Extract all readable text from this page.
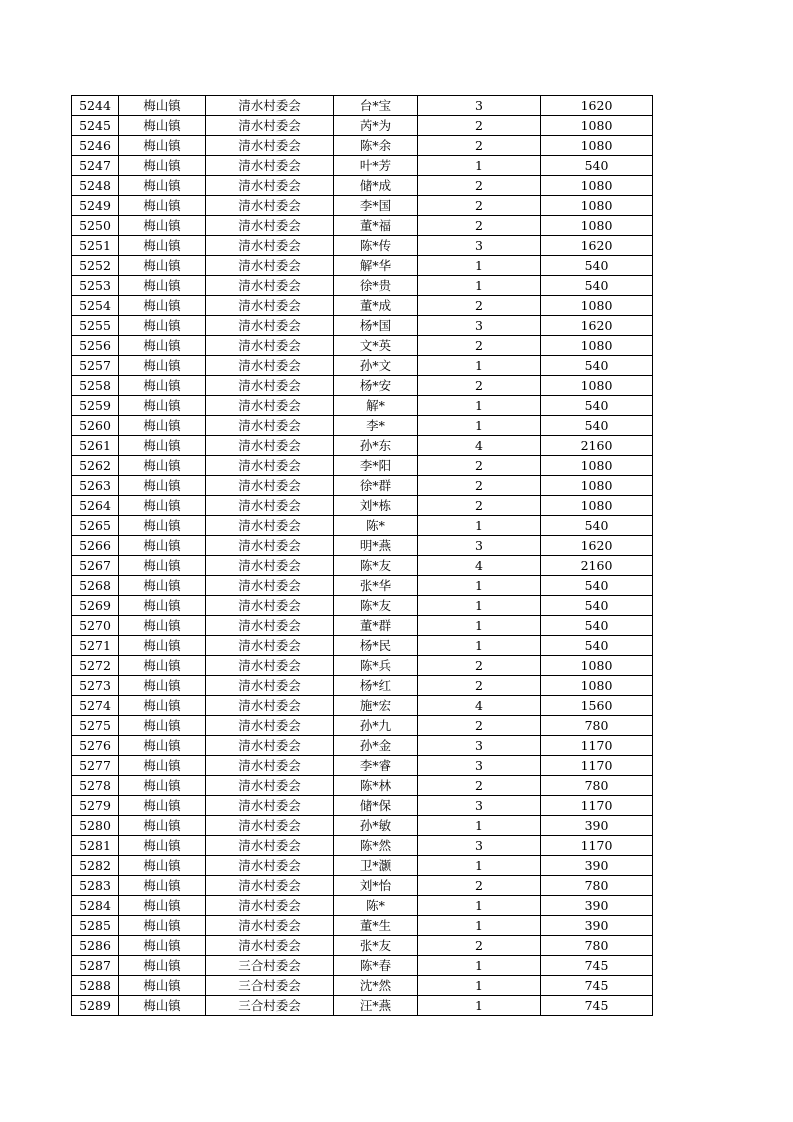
5244	梅山镇	清水村委会	台*宝	3	1620
5245	梅山镇	清水村委会	芮*为	2	1080
5246	梅山镇	清水村委会	陈*余	2	1080
5247	梅山镇	清水村委会	叶*芳	1	540
5248	梅山镇	清水村委会	储*成	2	1080
5249	梅山镇	清水村委会	李*国	2	1080
5250	梅山镇	清水村委会	董*福	2	1080
5251	梅山镇	清水村委会	陈*传	3	1620
5252	梅山镇	清水村委会	解*华	1	540
5253	梅山镇	清水村委会	徐*贵	1	540
5254	梅山镇	清水村委会	董*成	2	1080
5255	梅山镇	清水村委会	杨*国	3	1620
5256	梅山镇	清水村委会	文*英	2	1080
5257	梅山镇	清水村委会	孙*文	1	540
5258	梅山镇	清水村委会	杨*安	2	1080
5259	梅山镇	清水村委会	解*	1	540
5260	梅山镇	清水村委会	李*	1	540
5261	梅山镇	清水村委会	孙*东	4	2160
5262	梅山镇	清水村委会	李*阳	2	1080
5263	梅山镇	清水村委会	徐*群	2	1080
5264	梅山镇	清水村委会	刘*栋	2	1080
5265	梅山镇	清水村委会	陈*	1	540
5266	梅山镇	清水村委会	明*燕	3	1620
5267	梅山镇	清水村委会	陈*友	4	2160
5268	梅山镇	清水村委会	张*华	1	540
5269	梅山镇	清水村委会	陈*友	1	540
5270	梅山镇	清水村委会	董*群	1	540
5271	梅山镇	清水村委会	杨*民	1	540
5272	梅山镇	清水村委会	陈*兵	2	1080
5273	梅山镇	清水村委会	杨*红	2	1080
5274	梅山镇	清水村委会	施*宏	4	1560
5275	梅山镇	清水村委会	孙*九	2	780
5276	梅山镇	清水村委会	孙*金	3	1170
5277	梅山镇	清水村委会	李*睿	3	1170
5278	梅山镇	清水村委会	陈*林	2	780
5279	梅山镇	清水村委会	储*保	3	1170
5280	梅山镇	清水村委会	孙*敏	1	390
5281	梅山镇	清水村委会	陈*然	3	1170
5282	梅山镇	清水村委会	卫*灏	1	390
5283	梅山镇	清水村委会	刘*怡	2	780
5284	梅山镇	清水村委会	陈*	1	390
5285	梅山镇	清水村委会	董*生	1	390
5286	梅山镇	清水村委会	张*友	2	780
5287	梅山镇	三合村委会	陈*春	1	745
5288	梅山镇	三合村委会	沈*然	1	745
5289	梅山镇	三合村委会	汪*燕	1	745
